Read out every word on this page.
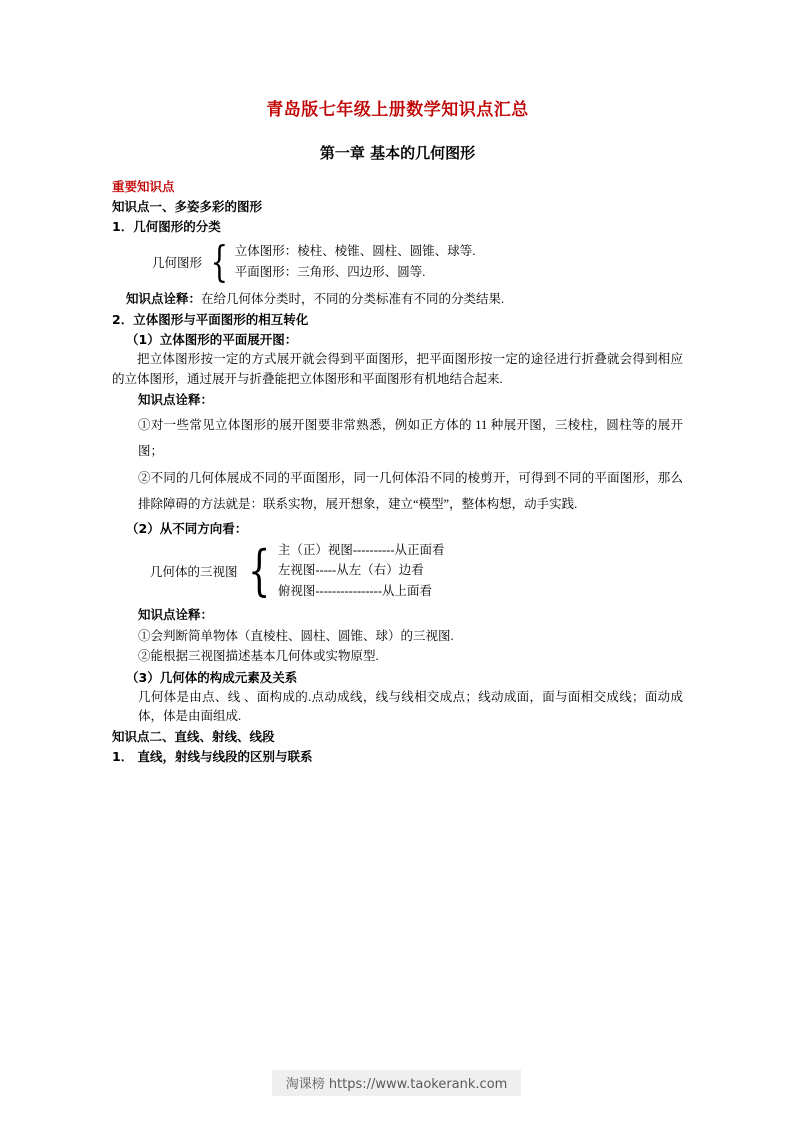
青岛版七年级上册数学知识点汇总
第一章 基本的几何图形
重要知识点
知识点一、多姿多彩的图形
1．几何图形的分类
几何图形 { 立体图形：棱柱、棱锥、圆柱、圆锥、球等.
平面图形：三角形、四边形、圆等.
知识点诠释：在给几何体分类时，不同的分类标准有不同的分类结果.
2．立体图形与平面图形的相互转化
（1）立体图形的平面展开图：
把立体图形按一定的方式展开就会得到平面图形，把平面图形按一定的途径进行折叠就会得到相应的立体图形，通过展开与折叠能把立体图形和平面图形有机地结合起来.
知识点诠释：
①对一些常见立体图形的展开图要非常熟悉，例如正方体的 11 种展开图，三棱柱，圆柱等的展开图；
②不同的几何体展成不同的平面图形，同一几何体沿不同的棱剪开，可得到不同的平面图形，那么排除障碍的方法就是：联系实物，展开想象，建立“模型”，整体构想，动手实践.
（2）从不同方向看：
几何体的三视图 { 主（正）视图----------从正面看
左视图-----从左（右）边看
俯视图----------------从上面看
知识点诠释：
①会判断简单物体（直棱柱、圆柱、圆锥、球）的三视图.
②能根据三视图描述基本几何体或实物原型.
（3）几何体的构成元素及关系
几何体是由点、线 、面构成的.点动成线，线与线相交成点；线动成面，面与面相交成线；面动成体，体是由面组成.
知识点二、直线、射线、线段
1． 直线，射线与线段的区别与联系
淘课榜 https://www.taokerank.com
